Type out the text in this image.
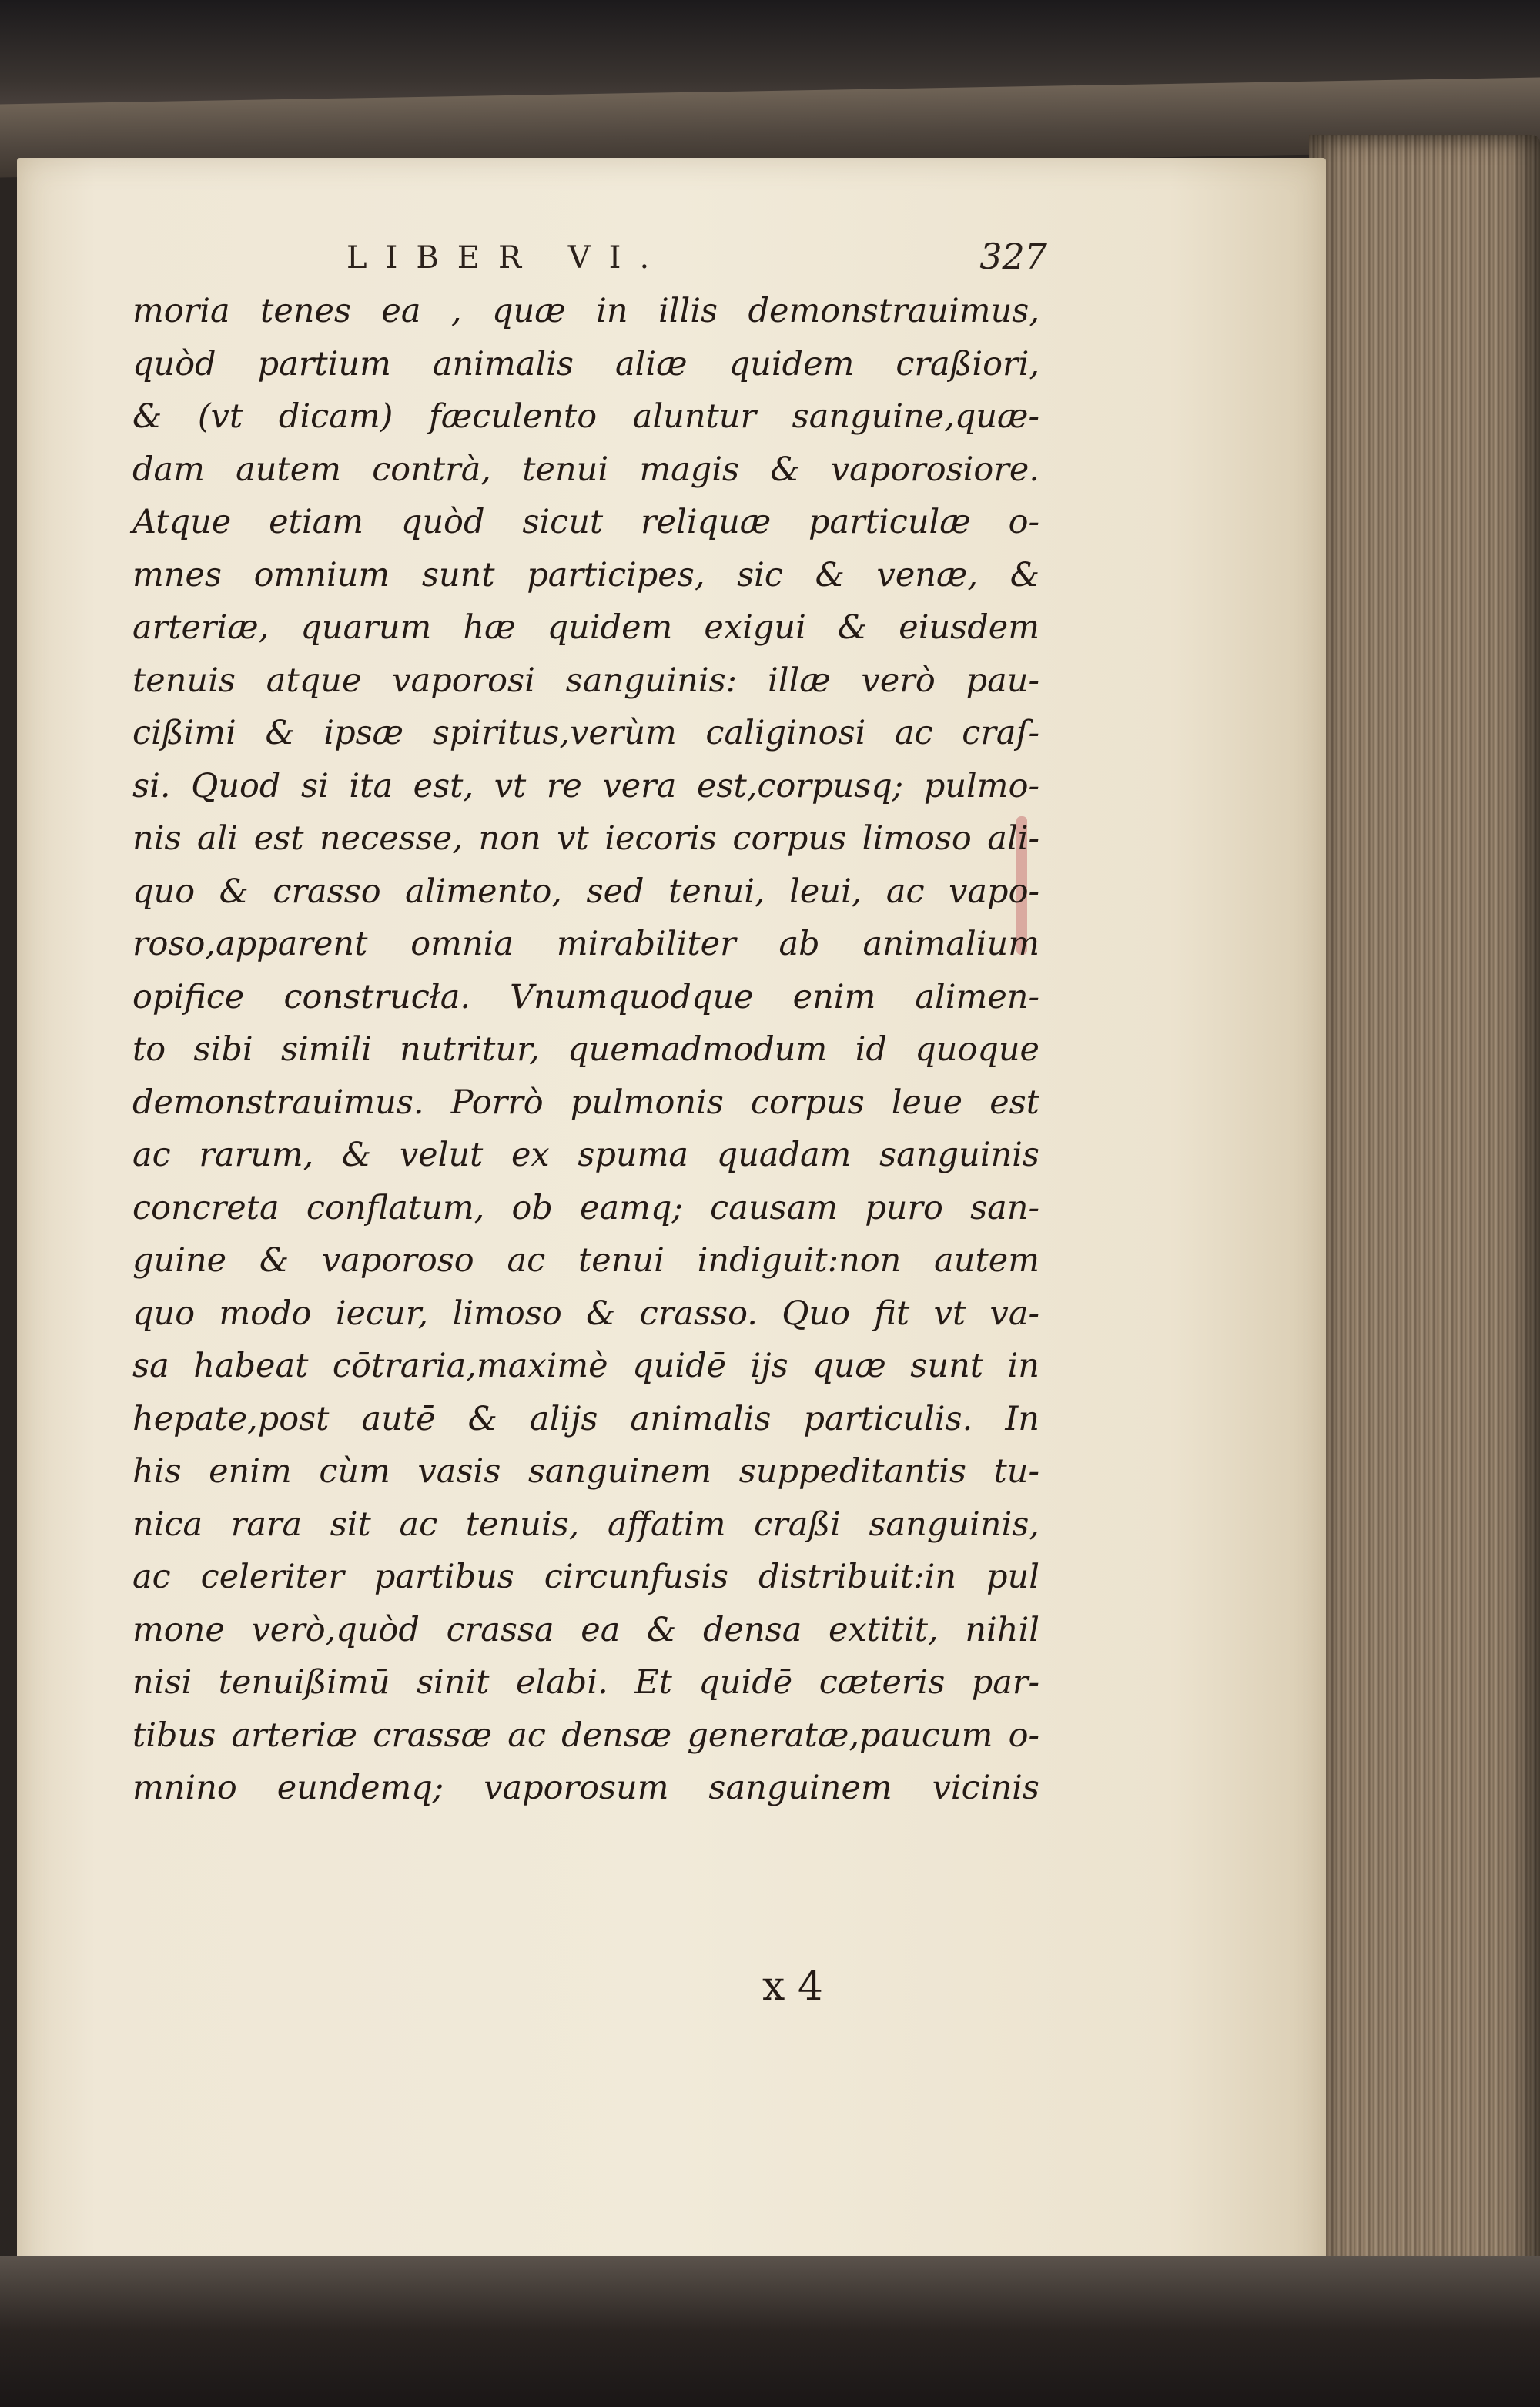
LIBER VI.	327
moria tenes ea , quæ in illis demonstrauimus,
quòd partium animalis aliæ quidem craßiori,
& (vt dicam) fæculento aluntur sanguine,quæ-
dam autem contrà, tenui magis & vaporosiore.
Atque etiam quòd sicut reliquæ particulæ o-
mnes omnium sunt participes, sic & venæ, &
arteriæ, quarum hæ quidem exigui & eiusdem
tenuis atque vaporosi sanguinis: illæ verò pau-
cißimi & ipsæ spiritus,verùm caliginosi ac craſ-
si. Quod si ita est, vt re vera est,corpusq; pulmo-
nis ali est necesse, non vt iecoris corpus limoso ali-
quo & crasso alimento, sed tenui, leui, ac vapo-
roso,apparent omnia mirabiliter ab animalium
opifice construcła. Vnumquodque enim alimen-
to sibi simili nutritur, quemadmodum id quoque
demonstrauimus. Porrò pulmonis corpus leue est
ac rarum, & velut ex spuma quadam sanguinis
concreta conflatum, ob eamq; causam puro san-
guine & vaporoso ac tenui indiguit:non autem
quo modo iecur, limoso & crasso. Quo fit vt va-
sa habeat cōtraria,maximè quidē ijs quæ sunt in
hepate,post autē & alijs animalis particulis. In
his enim cùm vasis sanguinem suppeditantis tu-
nica rara sit ac tenuis, affatim craßi sanguinis,
ac celeriter partibus circunfusis distribuit:in pul
mone verò,quòd crassa ea & densa extitit, nihil
nisi tenuißimū sinit elabi. Et quidē cæteris par-
tibus arteriæ crassæ ac densæ generatæ,paucum o-
mnino eundemq; vaporosum sanguinem vicinis
x 4
